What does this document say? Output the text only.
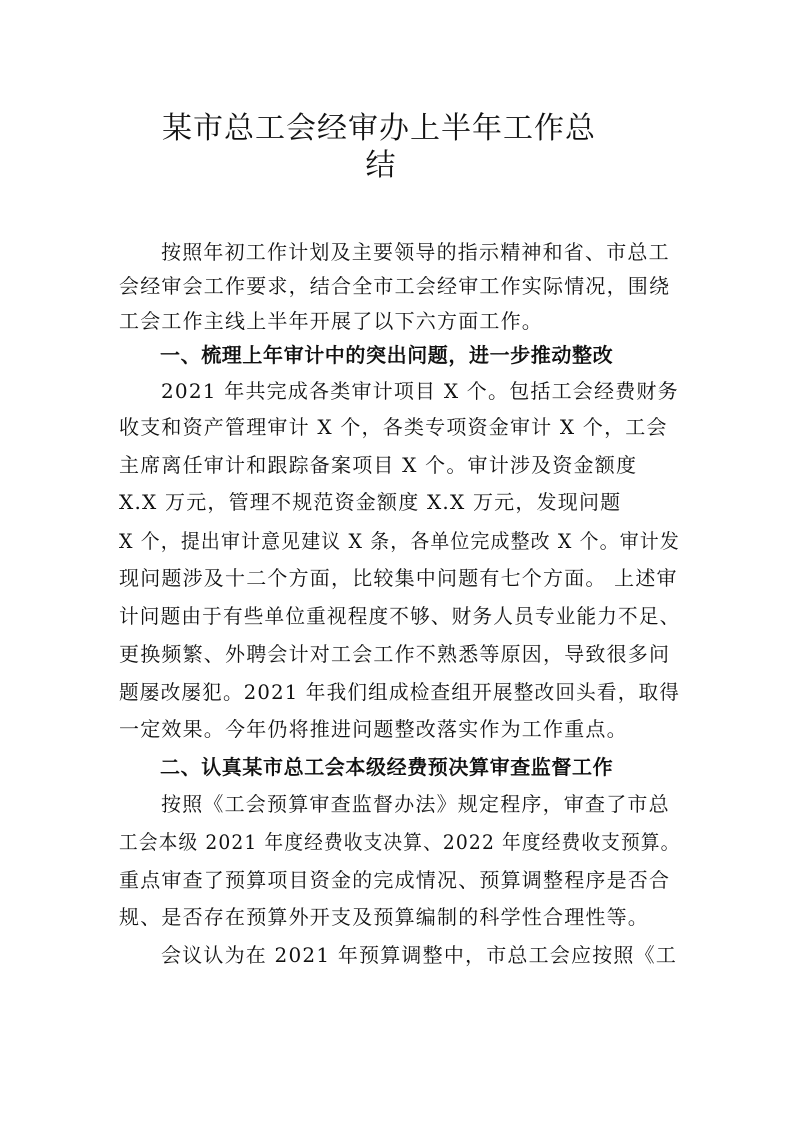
某市总工会经审办上半年工作总
结
按照年初工作计划及主要领导的指示精神和省、市总工
会经审会工作要求，结合全市工会经审工作实际情况，围绕
工会工作主线上半年开展了以下六方面工作。
一、梳理上年审计中的突出问题，进一步推动整改
2021 年共完成各类审计项目 X 个。包括工会经费财务
收支和资产管理审计 X 个，各类专项资金审计 X 个，工会
主席离任审计和跟踪备案项目 X 个。审计涉及资金额度
X.X 万元，管理不规范资金额度 X.X 万元，发现问题
X 个，提出审计意见建议 X 条，各单位完成整改 X 个。审计发
现问题涉及十二个方面，比较集中问题有七个方面。 上述审
计问题由于有些单位重视程度不够、财务人员专业能力不足、
更换频繁、外聘会计对工会工作不熟悉等原因，导致很多问
题屡改屡犯。2021 年我们组成检查组开展整改回头看，取得
一定效果。今年仍将推进问题整改落实作为工作重点。
二、认真某市总工会本级经费预决算审查监督工作
按照《工会预算审查监督办法》规定程序，审查了市总
工会本级 2021 年度经费收支决算、2022 年度经费收支预算。
重点审查了预算项目资金的完成情况、预算调整程序是否合
规、是否存在预算外开支及预算编制的科学性合理性等。
会议认为在 2021 年预算调整中，市总工会应按照《工
